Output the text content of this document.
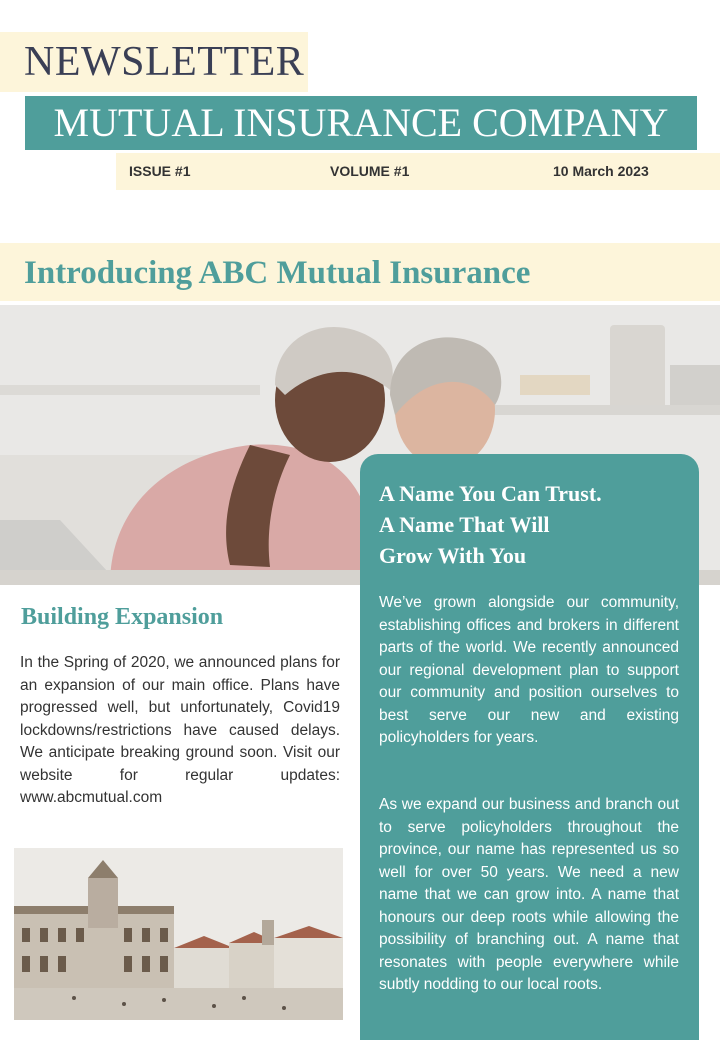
NEWSLETTER
MUTUAL INSURANCE COMPANY
ISSUE #1	VOLUME #1	10 March 2023
Introducing ABC Mutual Insurance
A Name You Can Trust.
A Name That Will
Grow With You

We’ve grown alongside our community, establishing offices and brokers in different parts of the world. We recently announced our regional development plan to support our community and position ourselves to best serve our new and existing policyholders for years.

As we expand our business and branch out to serve policyholders throughout the province, our name has represented us so well for over 50 years. We need a new name that we can grow into. A name that honours our deep roots while allowing the possibility of branching out. A name that resonates with people everywhere while subtly nodding to our local roots.

Building Expansion

In the Spring of 2020, we announced plans for an expansion of our main office. Plans have progressed well, but unfortunately, Covid19 lockdowns/restrictions have caused delays. We anticipate breaking ground soon. Visit our website for regular updates: www.abcmutual.com
